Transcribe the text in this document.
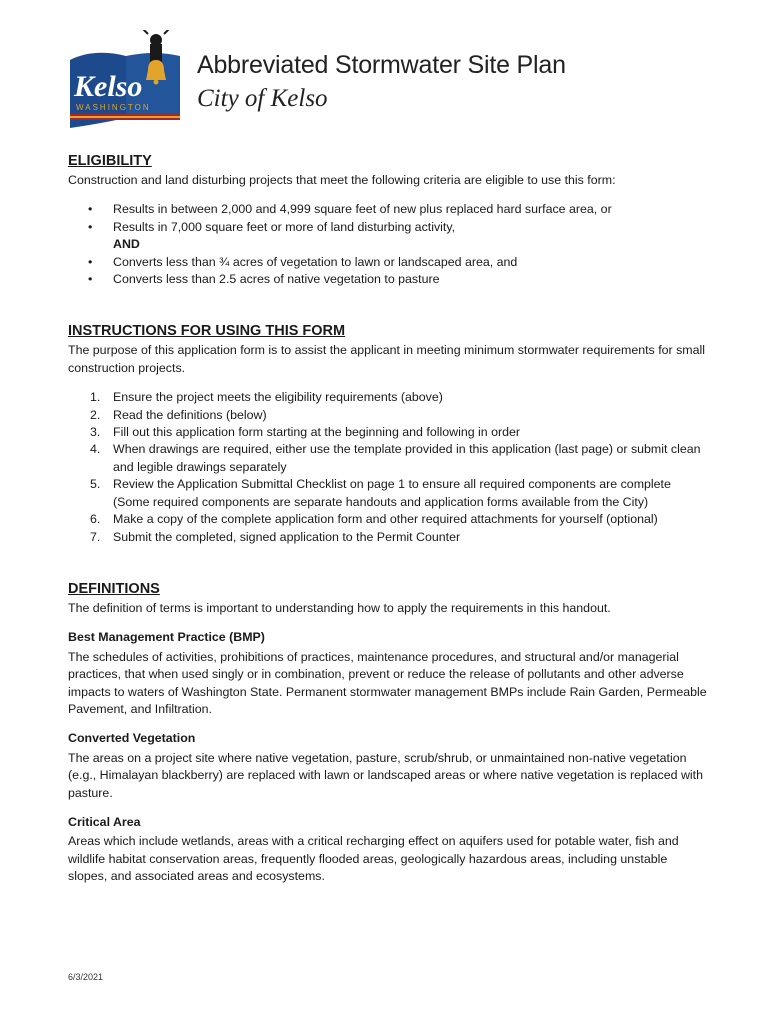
Kelso
WASHINGTON
Abbreviated Stormwater Site Plan
City of Kelso
ELIGIBILITY

Construction and land disturbing projects that meet the following criteria are eligible to use this form:

• Results in between 2,000 and 4,999 square feet of new plus replaced hard surface area, or
• Results in 7,000 square feet or more of land disturbing activity,
AND
• Converts less than ¾ acres of vegetation to lawn or landscaped area, and
• Converts less than 2.5 acres of native vegetation to pasture
INSTRUCTIONS FOR USING THIS FORM

The purpose of this application form is to assist the applicant in meeting minimum stormwater requirements for small construction projects.

1. Ensure the project meets the eligibility requirements (above)
2. Read the definitions (below)
3. Fill out this application form starting at the beginning and following in order
4. When drawings are required, either use the template provided in this application (last page) or submit clean and legible drawings separately
5. Review the Application Submittal Checklist on page 1 to ensure all required components are complete (Some required components are separate handouts and application forms available from the City)
6. Make a copy of the complete application form and other required attachments for yourself (optional)
7. Submit the completed, signed application to the Permit Counter
DEFINITIONS

The definition of terms is important to understanding how to apply the requirements in this handout.

Best Management Practice (BMP)

The schedules of activities, prohibitions of practices, maintenance procedures, and structural and/or managerial practices, that when used singly or in combination, prevent or reduce the release of pollutants and other adverse impacts to waters of Washington State. Permanent stormwater management BMPs include Rain Garden, Permeable Pavement, and Infiltration.

Converted Vegetation

The areas on a project site where native vegetation, pasture, scrub/shrub, or unmaintained non-native vegetation (e.g., Himalayan blackberry) are replaced with lawn or landscaped areas or where native vegetation is replaced with pasture.

Critical Area

Areas which include wetlands, areas with a critical recharging effect on aquifers used for potable water, fish and wildlife habitat conservation areas, frequently flooded areas, geologically hazardous areas, including unstable slopes, and associated areas and ecosystems.

6/3/2021
